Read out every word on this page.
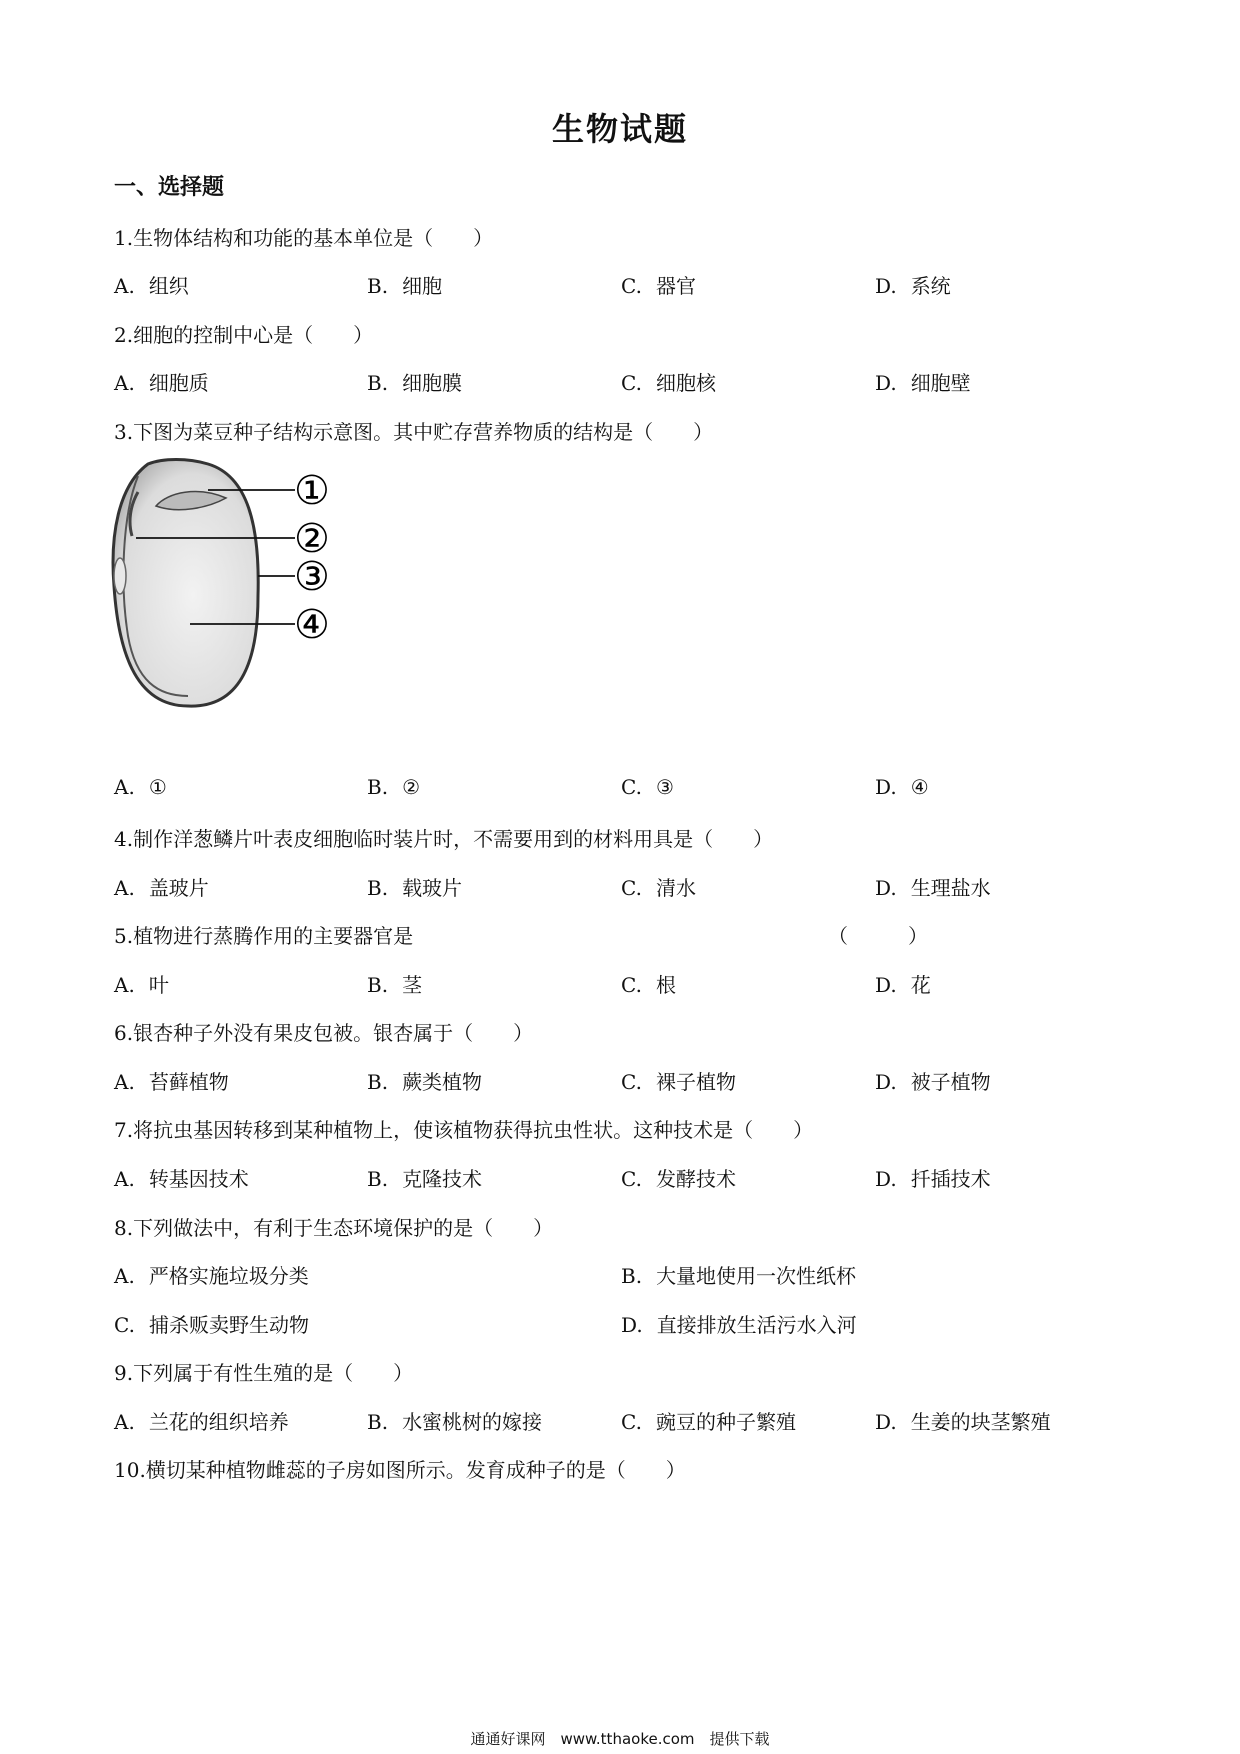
生物试题
一、选择题
1.生物体结构和功能的基本单位是（　　）
A. 组织	B. 细胞	C. 器官	D. 系统
2.细胞的控制中心是（　　）
A. 细胞质	B. 细胞膜	C. 细胞核	D. 细胞壁
3.下图为菜豆种子结构示意图。其中贮存营养物质的结构是（　　）
①
②
③
④
A. ①	B. ②	C. ③	D. ④
4.制作洋葱鳞片叶表皮细胞临时装片时，不需要用到的材料用具是（　　）
A. 盖玻片	B. 载玻片	C. 清水	D. 生理盐水
5.植物进行蒸腾作用的主要器官是	（　　　）
A. 叶	B. 茎	C. 根	D. 花
6.银杏种子外没有果皮包被。银杏属于（　　）
A. 苔藓植物	B. 蕨类植物	C. 裸子植物	D. 被子植物
7.将抗虫基因转移到某种植物上，使该植物获得抗虫性状。这种技术是（　　）
A. 转基因技术	B. 克隆技术	C. 发酵技术	D. 扦插技术
8.下列做法中，有利于生态环境保护的是（　　）
A. 严格实施垃圾分类	B. 大量地使用一次性纸杯
C. 捕杀贩卖野生动物	D. 直接排放生活污水入河
9.下列属于有性生殖的是（　　）
A. 兰花的组织培养	B. 水蜜桃树的嫁接	C. 豌豆的种子繁殖	D. 生姜的块茎繁殖
10.横切某种植物雌蕊的子房如图所示。发育成种子的是（　　）
通通好课网　www.tthaoke.com　提供下载
